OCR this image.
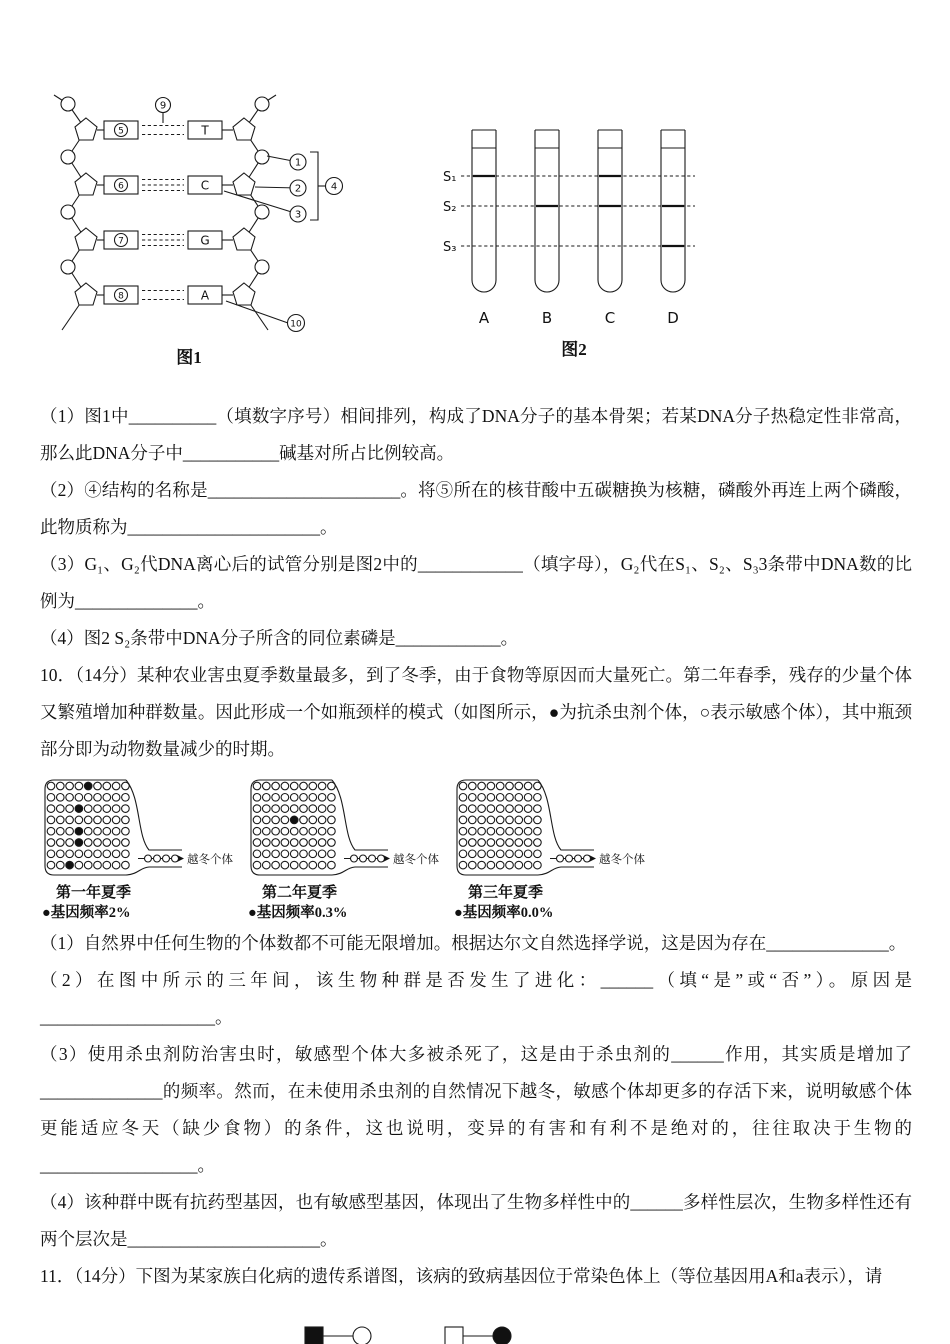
5	T
6	C
7	G
8	A
9
1
2
3
4
10
图1
S₁
S₂
S₃
A	B	C	D
图2

（1）图1中__________（填数字序号）相间排列，构成了DNA分子的基本骨架；若某DNA分子热稳定性非常高，那么此DNA分子中___________碱基对所占比例较高。

（2）④结构的名称是______________________。将⑤所在的核苷酸中五碳糖换为核糖，磷酸外再连上两个磷酸，此物质称为______________________。

（3）G₁、G₂代DNA离心后的试管分别是图2中的____________（填字母），G₂代在S₁、S₂、S₃3条带中DNA数的比例为______________。

（4）图2 S₂条带中DNA分子所含的同位素磷是____________。

10．（14分）某种农业害虫夏季数量最多，到了冬季，由于食物等原因而大量死亡。第二年春季，残存的少量个体又繁殖增加种群数量。因此形成一个如瓶颈样的模式（如图所示，●为抗杀虫剂个体，○表示敏感个体），其中瓶颈部分即为动物数量减少的时期。

越冬个体
第一年夏季
●基因频率2%
越冬个体
第二年夏季
●基因频率0.3%
越冬个体
第三年夏季
●基因频率0.0%

（1）自然界中任何生物的个体数都不可能无限增加。根据达尔文自然选择学说，这是因为存在______________。

（2）在图中所示的三年间，该生物种群是否发生了进化：______（填“是”或“否”）。原因是____________________。

（3）使用杀虫剂防治害虫时，敏感型个体大多被杀死了，这是由于杀虫剂的______作用，其实质是增加了______________的频率。然而，在未使用杀虫剂的自然情况下越冬，敏感个体却更多的存活下来，说明敏感个体更能适应冬天（缺少食物）的条件，这也说明，变异的有害和有利不是绝对的，往往取决于生物的__________________。

（4）该种群中既有抗药型基因，也有敏感型基因，体现出了生物多样性中的______多样性层次，生物多样性还有两个层次是______________________。

11．（14分）下图为某家族白化病的遗传系谱图，该病的致病基因位于常染色体上（等位基因用A和a表示），请
